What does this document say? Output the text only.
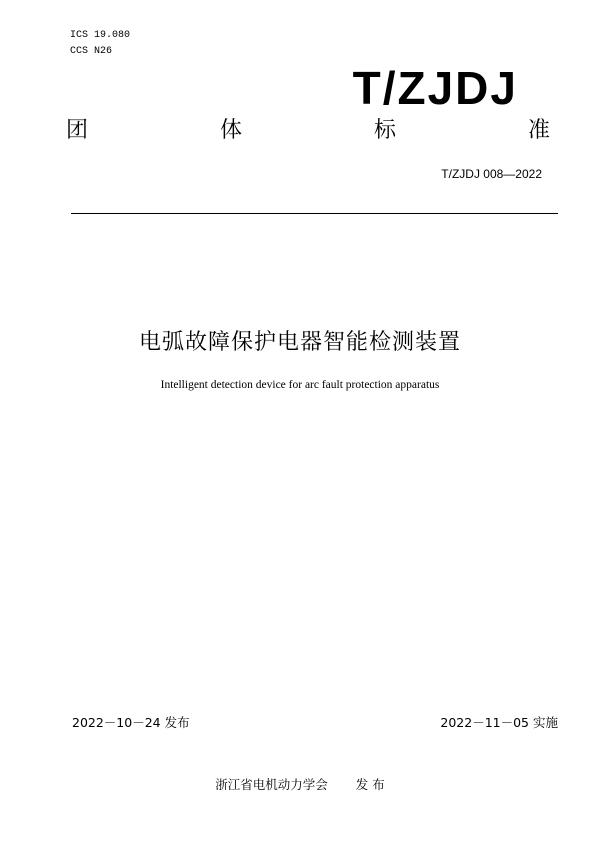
ICS 19.080
CCS N26
T/ZJDJ
团	体	标	准
T/ZJDJ 008—2022
电弧故障保护电器智能检测装置
Intelligent detection device for arc fault protection apparatus
2022－10－24 发布	2022－11－05 实施
浙江省电机动力学会 发 布
